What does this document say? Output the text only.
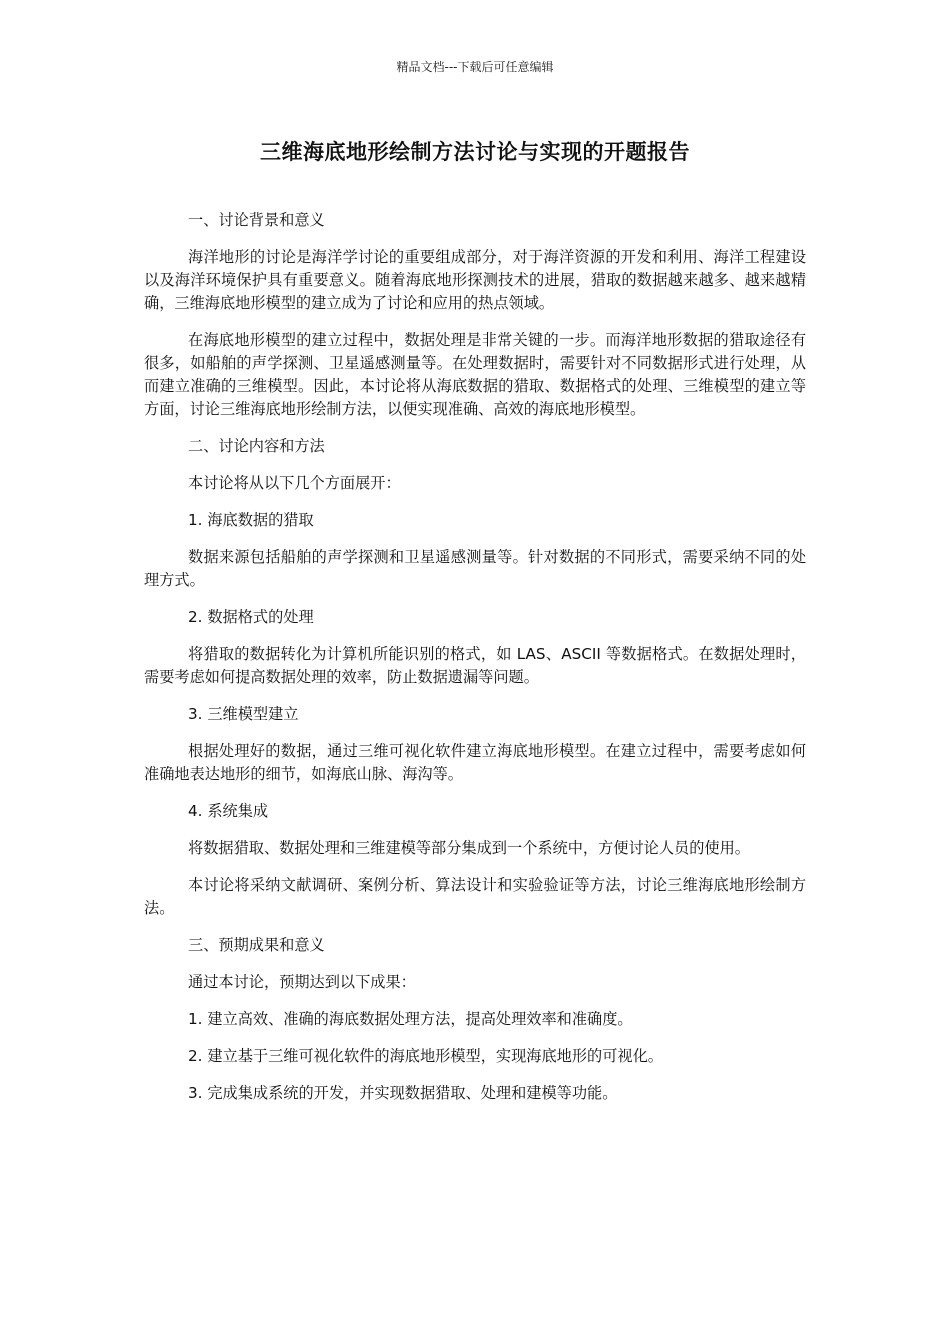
精品文档---下载后可任意编辑
三维海底地形绘制方法讨论与实现的开题报告

一、讨论背景和意义

海洋地形的讨论是海洋学讨论的重要组成部分，对于海洋资源的开发和利用、海洋工程建设以及海洋环境保护具有重要意义。随着海底地形探测技术的进展，猎取的数据越来越多、越来越精确，三维海底地形模型的建立成为了讨论和应用的热点领域。

在海底地形模型的建立过程中，数据处理是非常关键的一步。而海洋地形数据的猎取途径有很多，如船舶的声学探测、卫星遥感测量等。在处理数据时，需要针对不同数据形式进行处理，从而建立准确的三维模型。因此，本讨论将从海底数据的猎取、数据格式的处理、三维模型的建立等方面，讨论三维海底地形绘制方法，以便实现准确、高效的海底地形模型。

二、讨论内容和方法

本讨论将从以下几个方面展开：

1. 海底数据的猎取

数据来源包括船舶的声学探测和卫星遥感测量等。针对数据的不同形式，需要采纳不同的处理方式。

2. 数据格式的处理

将猎取的数据转化为计算机所能识别的格式，如 LAS、ASCII 等数据格式。在数据处理时，需要考虑如何提高数据处理的效率，防止数据遗漏等问题。

3. 三维模型建立

根据处理好的数据，通过三维可视化软件建立海底地形模型。在建立过程中，需要考虑如何准确地表达地形的细节，如海底山脉、海沟等。

4. 系统集成

将数据猎取、数据处理和三维建模等部分集成到一个系统中，方便讨论人员的使用。

本讨论将采纳文献调研、案例分析、算法设计和实验验证等方法，讨论三维海底地形绘制方法。

三、预期成果和意义

通过本讨论，预期达到以下成果：

1. 建立高效、准确的海底数据处理方法，提高处理效率和准确度。

2. 建立基于三维可视化软件的海底地形模型，实现海底地形的可视化。

3. 完成集成系统的开发，并实现数据猎取、处理和建模等功能。
